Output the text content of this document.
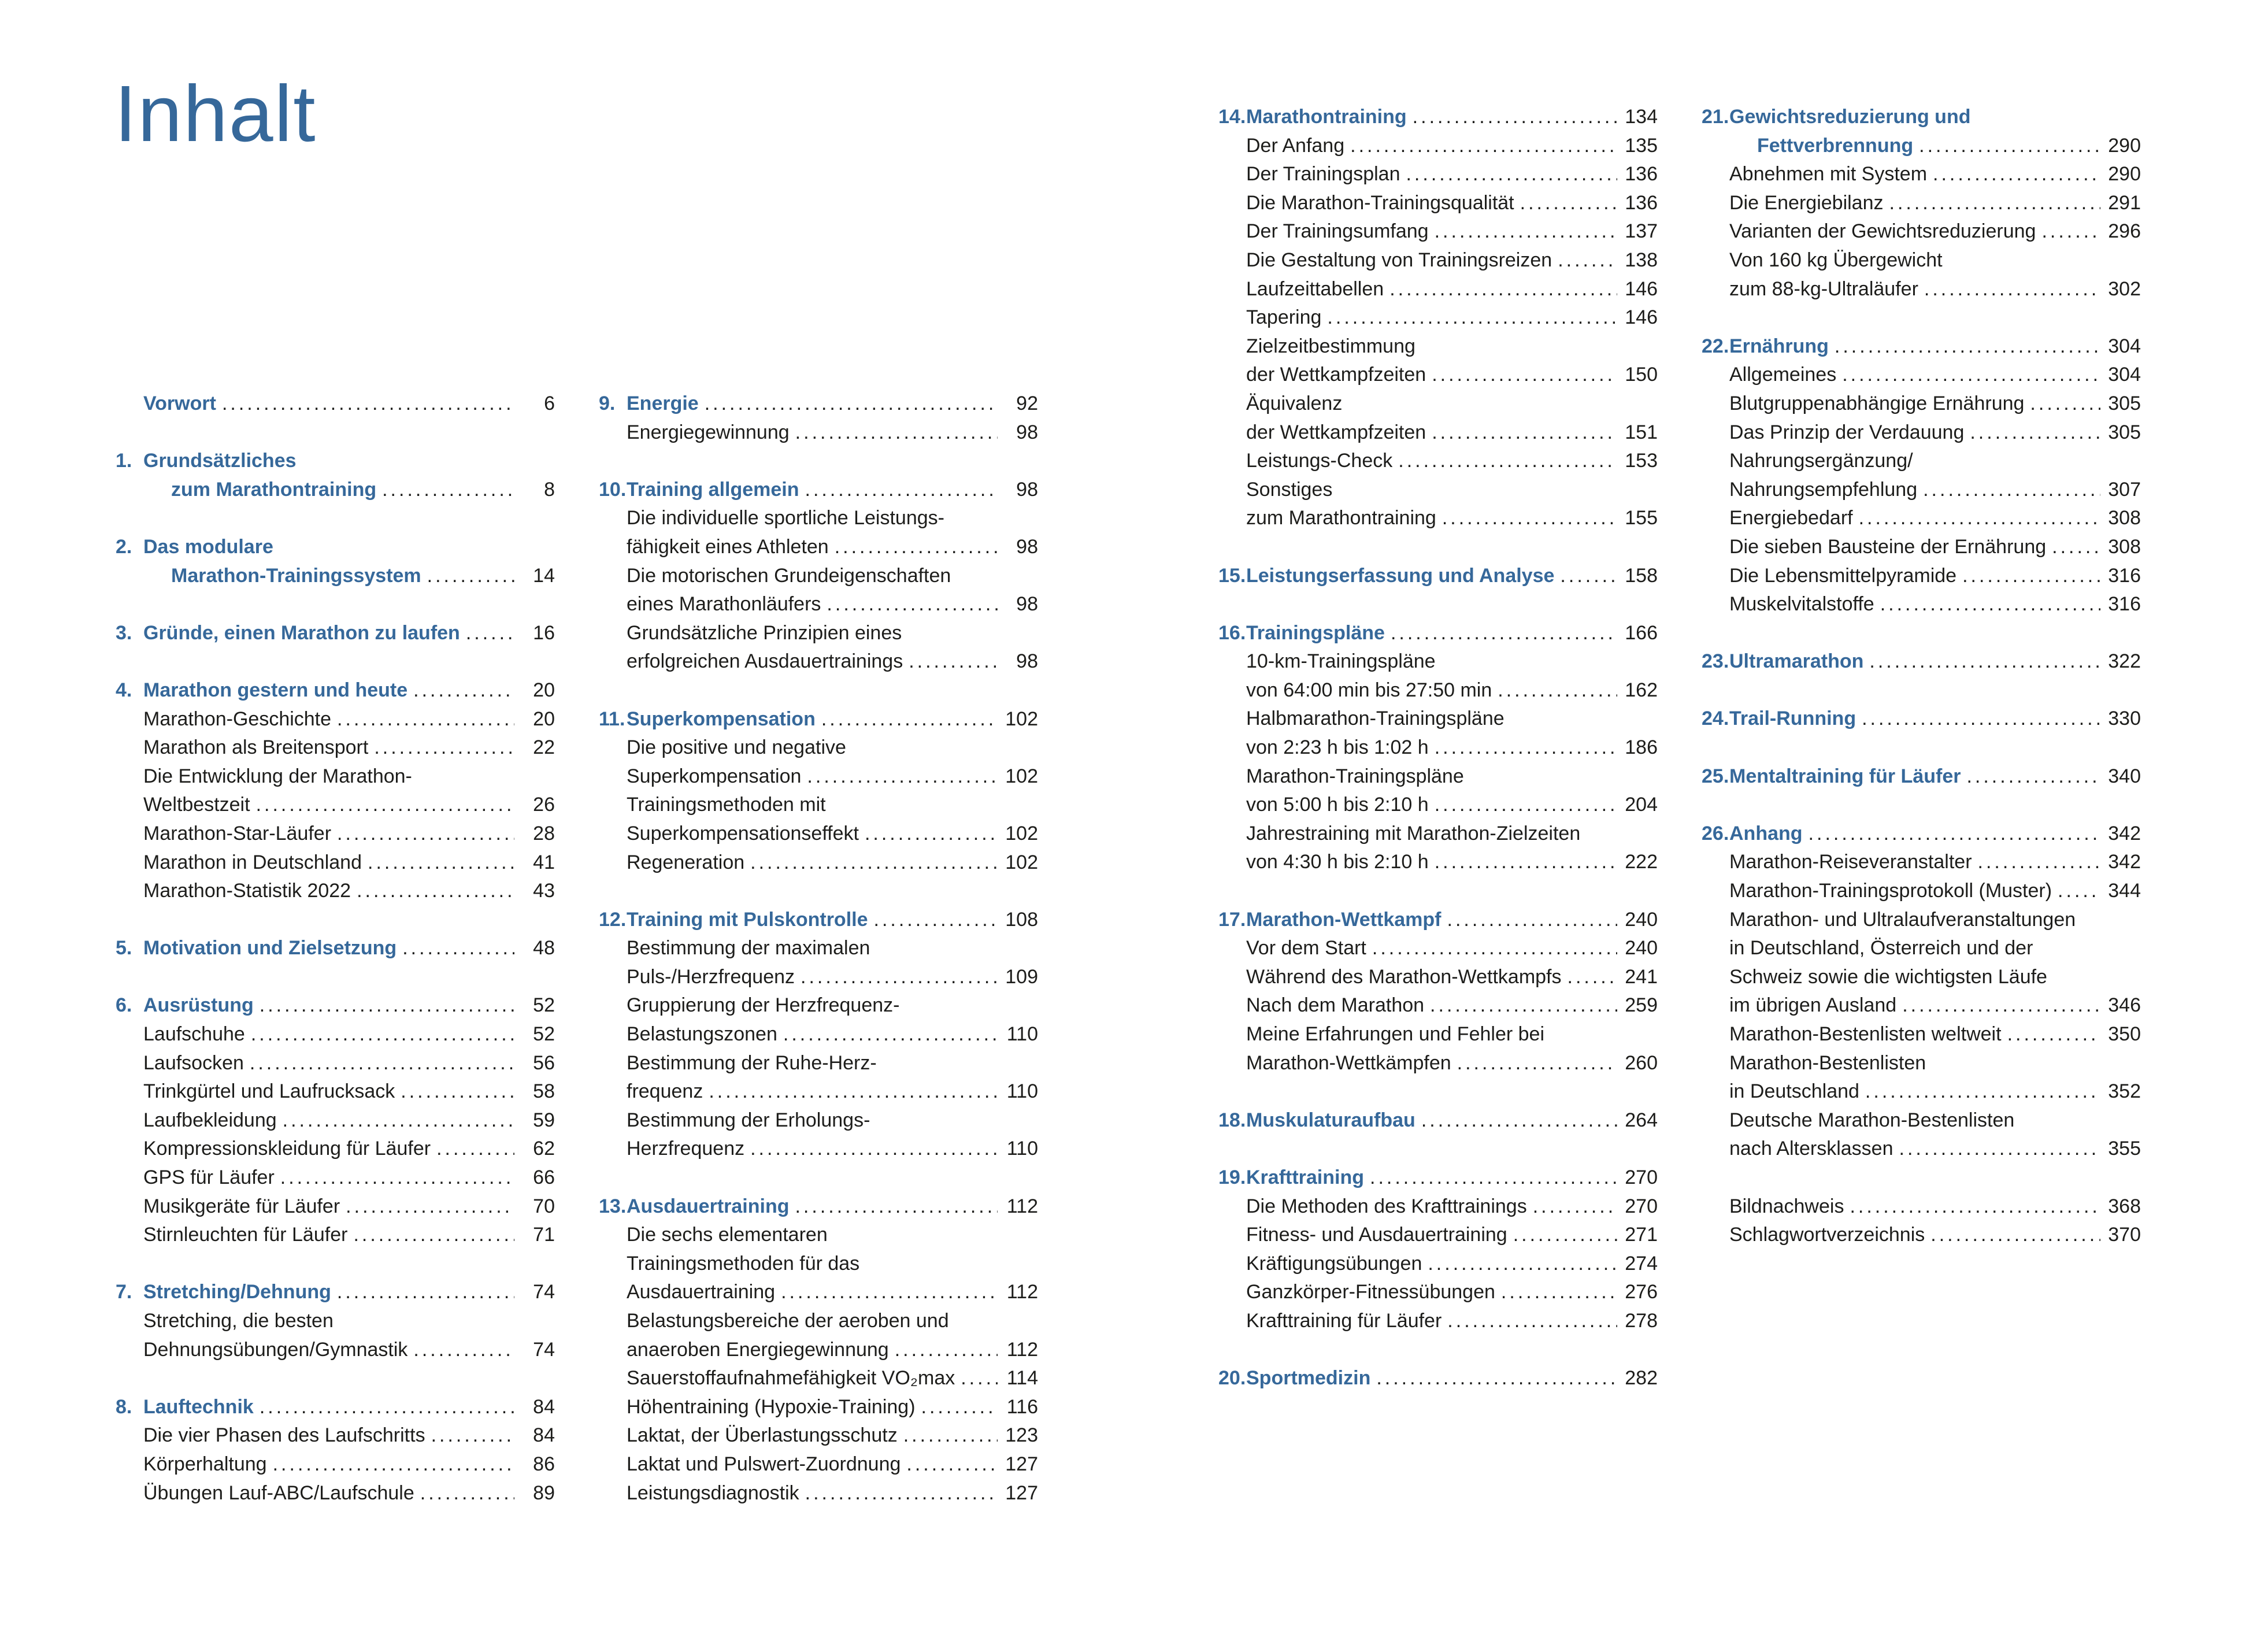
Inhalt
Vorwort .....	6
1. Grundsätzliches
zum Marathontraining .....	8
2. Das modulare
Marathon-Trainingssystem .....	14
3. Gründe, einen Marathon zu laufen .....	16
4. Marathon gestern und heute .....	20
Marathon-Geschichte .....	20
Marathon als Breitensport .....	22
Die Entwicklung der Marathon-
Weltbestzeit .....	26
Marathon-Star-Läufer .....	28
Marathon in Deutschland .....	41
Marathon-Statistik 2022 .....	43
5. Motivation und Zielsetzung .....	48
6. Ausrüstung .....	52
Laufschuhe .....	52
Laufsocken .....	56
Trinkgürtel und Laufrucksack .....	58
Laufbekleidung .....	59
Kompressionskleidung für Läufer .....	62
GPS für Läufer .....	66
Musikgeräte für Läufer .....	70
Stirnleuchten für Läufer .....	71
7. Stretching/Dehnung .....	74
Stretching, die besten
Dehnungsübungen/Gymnastik .....	74
8. Lauftechnik .....	84
Die vier Phasen des Laufschritts .....	84
Körperhaltung .....	86
Übungen Lauf-ABC/Laufschule .....	89
9. Energie .....	92
Energiegewinnung .....	98
10. Training allgemein .....	98
Die individuelle sportliche Leistungs-
fähigkeit eines Athleten .....	98
Die motorischen Grundeigenschaften
eines Marathonläufers .....	98
Grundsätzliche Prinzipien eines
erfolgreichen Ausdauertrainings .....	98
11. Superkompensation .....	102
Die positive und negative
Superkompensation .....	102
Trainingsmethoden mit
Superkompensationseffekt .....	102
Regeneration .....	102
12. Training mit Pulskontrolle .....	108
Bestimmung der maximalen
Puls-/Herzfrequenz .....	109
Gruppierung der Herzfrequenz-
Belastungszonen .....	110
Bestimmung der Ruhe-Herz-
frequenz .....	110
Bestimmung der Erholungs-
Herzfrequenz .....	110
13. Ausdauertraining .....	112
Die sechs elementaren
Trainingsmethoden für das
Ausdauertraining .....	112
Belastungsbereiche der aeroben und
anaeroben Energiegewinnung .....	112
Sauerstoffaufnahmefähigkeit VO₂max .....	114
Höhentraining (Hypoxie-Training) .....	116
Laktat, der Überlastungsschutz .....	123
Laktat und Pulswert-Zuordnung .....	127
Leistungsdiagnostik .....	127
14. Marathontraining .....	134
Der Anfang .....	135
Der Trainingsplan .....	136
Die Marathon-Trainingsqualität .....	136
Der Trainingsumfang .....	137
Die Gestaltung von Trainingsreizen .....	138
Laufzeittabellen .....	146
Tapering .....	146
Zielzeitbestimmung
der Wettkampfzeiten .....	150
Äquivalenz
der Wettkampfzeiten .....	151
Leistungs-Check .....	153
Sonstiges
zum Marathontraining .....	155
15. Leistungserfassung und Analyse .....	158
16. Trainingspläne .....	166
10-km-Trainingspläne
von 64:00 min bis 27:50 min .....	162
Halbmarathon-Trainingspläne
von 2:23 h bis 1:02 h .....	186
Marathon-Trainingspläne
von 5:00 h bis 2:10 h .....	204
Jahrestraining mit Marathon-Zielzeiten
von 4:30 h bis 2:10 h .....	222
17. Marathon-Wettkampf .....	240
Vor dem Start .....	240
Während des Marathon-Wettkampfs .....	241
Nach dem Marathon .....	259
Meine Erfahrungen und Fehler bei
Marathon-Wettkämpfen .....	260
18. Muskulaturaufbau .....	264
19. Krafttraining .....	270
Die Methoden des Krafttrainings .....	270
Fitness- und Ausdauertraining .....	271
Kräftigungsübungen .....	274
Ganzkörper-Fitnessübungen .....	276
Krafttraining für Läufer .....	278
20. Sportmedizin .....	282
21. Gewichtsreduzierung und
Fettverbrennung .....	290
Abnehmen mit System .....	290
Die Energiebilanz .....	291
Varianten der Gewichtsreduzierung .....	296
Von 160 kg Übergewicht
zum 88-kg-Ultraläufer .....	302
22. Ernährung .....	304
Allgemeines .....	304
Blutgruppenabhängige Ernährung .....	305
Das Prinzip der Verdauung .....	305
Nahrungsergänzung/
Nahrungsempfehlung .....	307
Energiebedarf .....	308
Die sieben Bausteine der Ernährung .....	308
Die Lebensmittelpyramide .....	316
Muskelvitalstoffe .....	316
23. Ultramarathon .....	322
24. Trail-Running .....	330
25. Mentaltraining für Läufer .....	340
26. Anhang .....	342
Marathon-Reiseveranstalter .....	342
Marathon-Trainingsprotokoll (Muster) .....	344
Marathon- und Ultralaufveranstaltungen
in Deutschland, Österreich und der
Schweiz sowie die wichtigsten Läufe
im übrigen Ausland .....	346
Marathon-Bestenlisten weltweit .....	350
Marathon-Bestenlisten
in Deutschland .....	352
Deutsche Marathon-Bestenlisten
nach Altersklassen .....	355
Bildnachweis .....	368
Schlagwortverzeichnis .....	370
